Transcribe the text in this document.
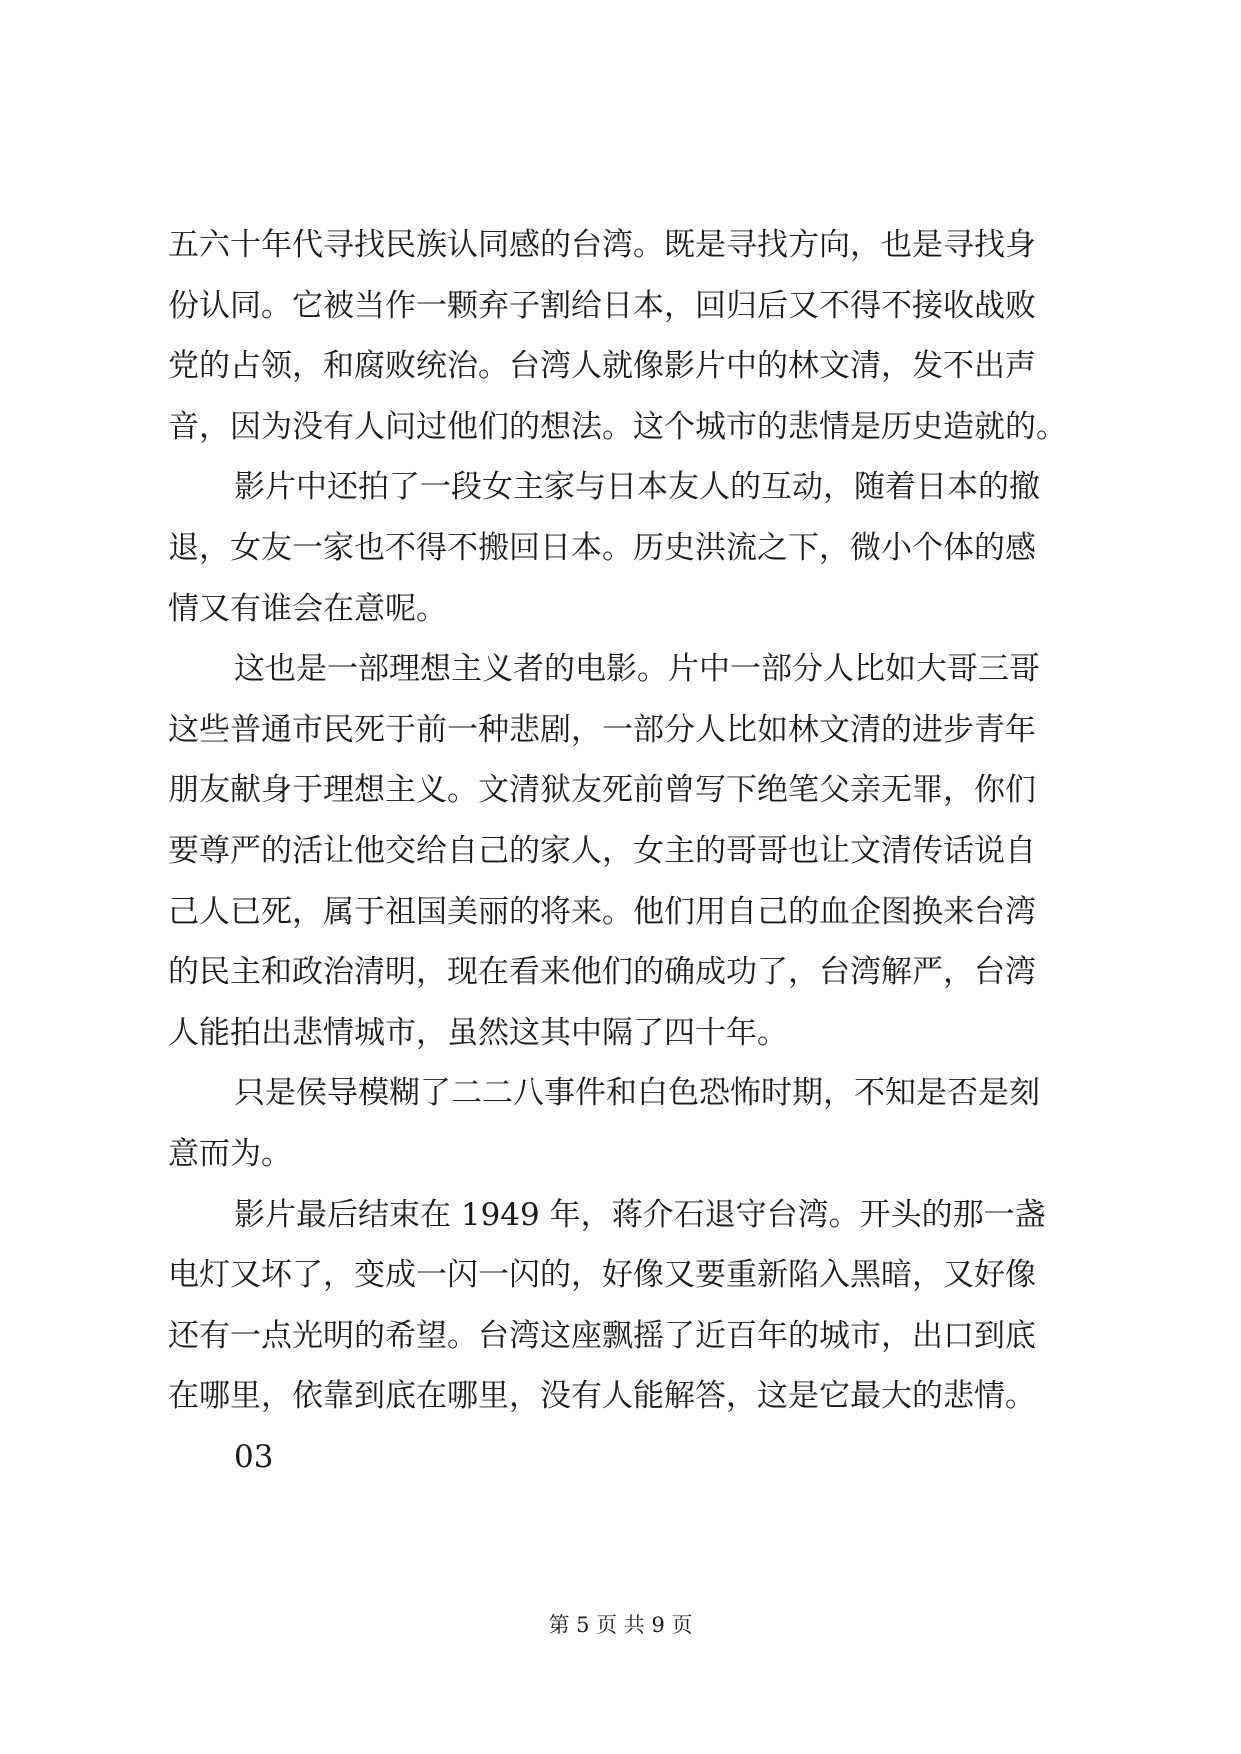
五六十年代寻找民族认同感的台湾。既是寻找方向，也是寻找身
份认同。它被当作一颗弃子割给日本，回归后又不得不接收战败
党的占领，和腐败统治。台湾人就像影片中的林文清，发不出声
音，因为没有人问过他们的想法。这个城市的悲情是历史造就的。
影片中还拍了一段女主家与日本友人的互动，随着日本的撤
退，女友一家也不得不搬回日本。历史洪流之下，微小个体的感
情又有谁会在意呢。
这也是一部理想主义者的电影。片中一部分人比如大哥三哥
这些普通市民死于前一种悲剧，一部分人比如林文清的进步青年
朋友献身于理想主义。文清狱友死前曾写下绝笔父亲无罪，你们
要尊严的活让他交给自己的家人，女主的哥哥也让文清传话说自
己人已死，属于祖国美丽的将来。他们用自己的血企图换来台湾
的民主和政治清明，现在看来他们的确成功了，台湾解严，台湾
人能拍出悲情城市，虽然这其中隔了四十年。
只是侯导模糊了二二八事件和白色恐怖时期，不知是否是刻
意而为。
影片最后结束在 1949 年，蒋介石退守台湾。开头的那一盏
电灯又坏了，变成一闪一闪的，好像又要重新陷入黑暗，又好像
还有一点光明的希望。台湾这座飘摇了近百年的城市，出口到底
在哪里，依靠到底在哪里，没有人能解答，这是它最大的悲情。
03
第 5 页 共 9 页
